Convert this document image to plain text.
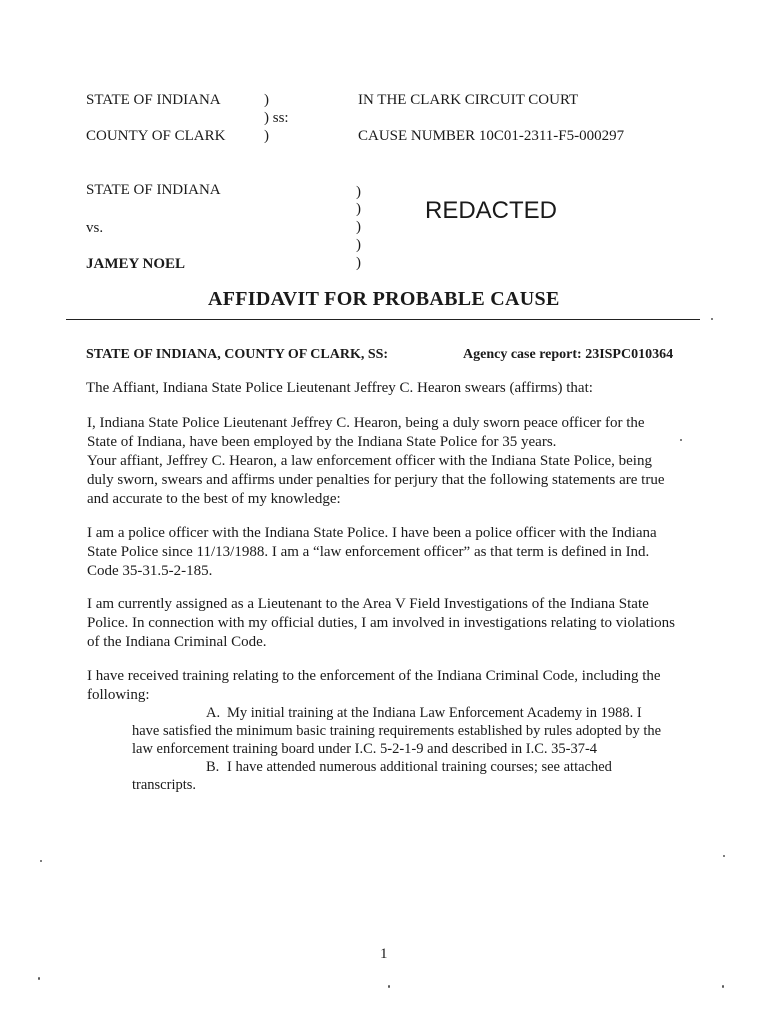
STATE OF INDIANA
COUNTY OF CLARK
)
) ss:
)
IN THE CLARK CIRCUIT COURT
CAUSE NUMBER 10C01-2311-F5-000297
STATE OF INDIANA
vs.
JAMEY NOEL
)
)
)
)
)
REDACTED
AFFIDAVIT FOR PROBABLE CAUSE
STATE OF INDIANA, COUNTY OF CLARK, SS:	Agency case report: 23ISPC010364
The Affiant, Indiana State Police Lieutenant Jeffrey C. Hearon swears (affirms) that:

I, Indiana State Police Lieutenant Jeffrey C. Hearon, being a duly sworn peace officer for the

State of Indiana, have been employed by the Indiana State Police for 35 years.

Your affiant, Jeffrey C. Hearon, a law enforcement officer with the Indiana State Police, being

duly sworn, swears and affirms under penalties for perjury that the following statements are true

and accurate to the best of my knowledge:

I am a police officer with the Indiana State Police. I have been a police officer with the Indiana

State Police since 11/13/1988. I am a “law enforcement officer” as that term is defined in Ind.

Code 35-31.5-2-185.

I am currently assigned as a Lieutenant to the Area V Field Investigations of the Indiana State

Police. In connection with my official duties, I am involved in investigations relating to violations

of the Indiana Criminal Code.

I have received training relating to the enforcement of the Indiana Criminal Code, including the

following:

A. My initial training at the Indiana Law Enforcement Academy in 1988. I
have satisfied the minimum basic training requirements established by rules adopted by the
law enforcement training board under I.C. 5-2-1-9 and described in I.C. 35-37-4
B. I have attended numerous additional training courses; see attached
transcripts.
1
